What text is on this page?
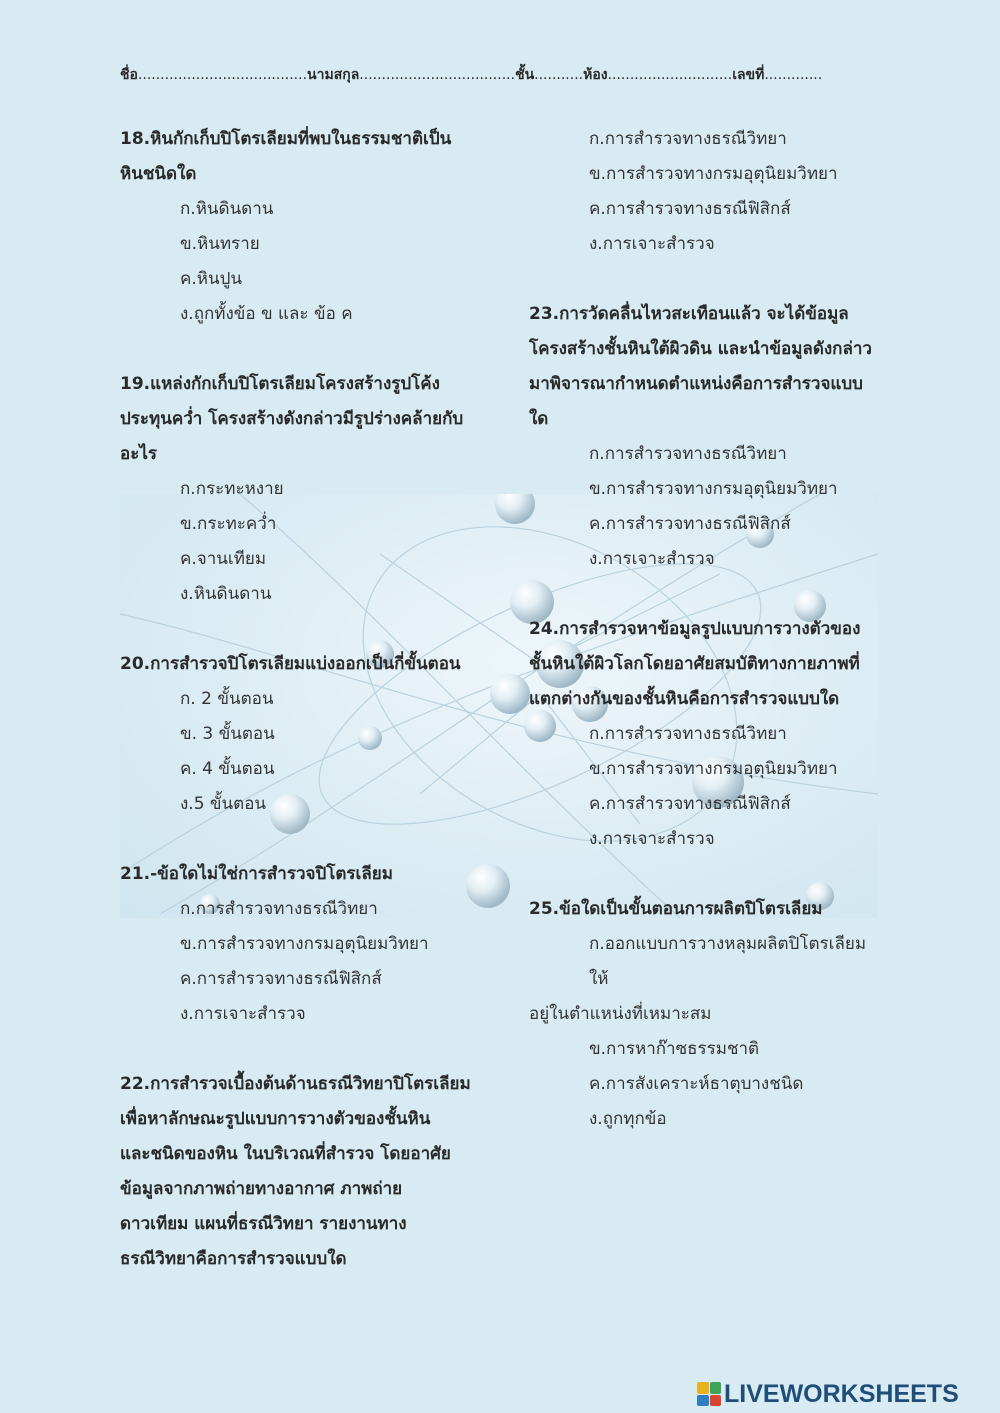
ชื่อ......................................นามสกุล...................................ชั้น...........ห้อง............................เลขที่.............

18.หินกักเก็บปิโตรเลียมที่พบในธรรมชาติเป็น

หินชนิดใด

ก.หินดินดาน

ข.หินทราย

ค.หินปูน

ง.ถูกทั้งข้อ ข และ ข้อ ค

19.แหล่งกักเก็บปิโตรเลียมโครงสร้างรูปโค้ง

ประทุนคว่ำ โครงสร้างดังกล่าวมีรูปร่างคล้ายกับ

อะไร

ก.กระทะหงาย

ข.กระทะคว่ำ

ค.จานเทียม

ง.หินดินดาน

20.การสำรวจปิโตรเลียมแบ่งออกเป็นกี่ขั้นตอน

ก. 2 ขั้นตอน

ข. 3 ขั้นตอน

ค. 4 ขั้นตอน

ง.5 ขั้นตอน

21.-ข้อใดไม่ใช่การสำรวจปิโตรเลียม

ก.การสำรวจทางธรณีวิทยา

ข.การสำรวจทางกรมอุตุนิยมวิทยา

ค.การสำรวจทางธรณีฟิสิกส์

ง.การเจาะสำรวจ

22.การสำรวจเบื้องต้นด้านธรณีวิทยาปิโตรเลียม

เพื่อหาลักษณะรูปแบบการวางตัวของชั้นหิน

และชนิดของหิน ในบริเวณที่สำรวจ โดยอาศัย

ข้อมูลจากภาพถ่ายทางอากาศ ภาพถ่าย

ดาวเทียม แผนที่ธรณีวิทยา รายงานทาง

ธรณีวิทยาคือการสำรวจแบบใด

ก.การสำรวจทางธรณีวิทยา

ข.การสำรวจทางกรมอุตุนิยมวิทยา

ค.การสำรวจทางธรณีฟิสิกส์

ง.การเจาะสำรวจ

23.การวัดคลื่นไหวสะเทือนแล้ว จะได้ข้อมูล

โครงสร้างชั้นหินใต้ผิวดิน และนำข้อมูลดังกล่าว

มาพิจารณากำหนดตำแหน่งคือการสำรวจแบบ

ใด

ก.การสำรวจทางธรณีวิทยา

ข.การสำรวจทางกรมอุตุนิยมวิทยา

ค.การสำรวจทางธรณีฟิสิกส์

ง.การเจาะสำรวจ

24.การสำรวจหาข้อมูลรูปแบบการวางตัวของ

ชั้นหินใต้ผิวโลกโดยอาศัยสมบัติทางกายภาพที่

แตกต่างกันของชั้นหินคือการสำรวจแบบใด

ก.การสำรวจทางธรณีวิทยา

ข.การสำรวจทางกรมอุตุนิยมวิทยา

ค.การสำรวจทางธรณีฟิสิกส์

ง.การเจาะสำรวจ

25.ข้อใดเป็นขั้นตอนการผลิตปิโตรเลียม

ก.ออกแบบการวางหลุมผลิตปิโตรเลียมให้

อยู่ในตำแหน่งที่เหมาะสม

ข.การหาก๊าซธรรมชาติ

ค.การสังเคราะห์ธาตุบางชนิด

ง.ถูกทุกข้อ

LIVEWORKSHEETS
